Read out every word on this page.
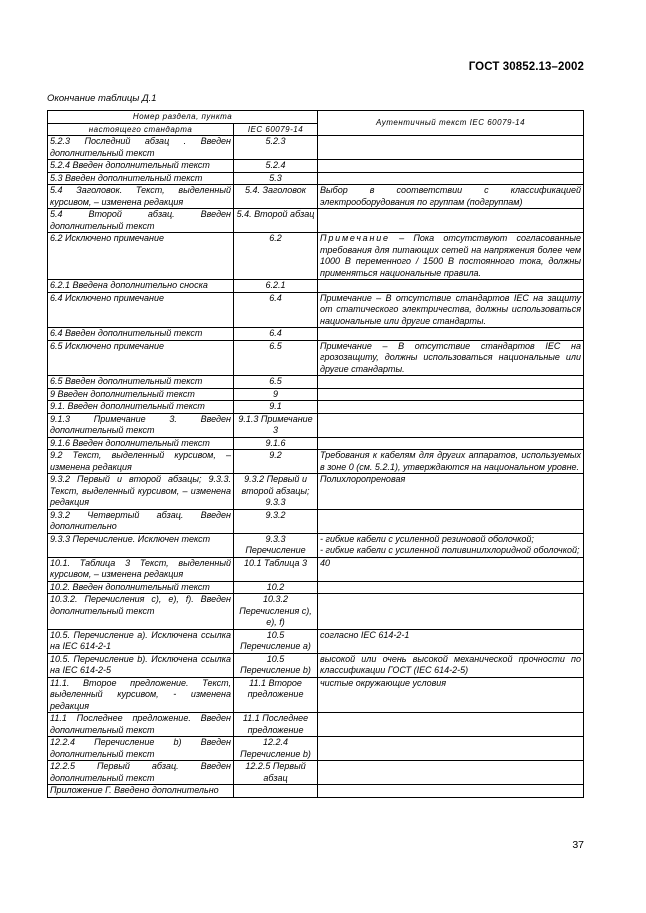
ГОСТ 30852.13–2002
Окончание таблицы Д.1
Номер раздела, пункта		Аутентичный текст IEC 60079-14
настоящего стандарта	IEC 60079-14	
5.2.3 Последний абзац . Введен дополнительный текст	5.2.3	
5.2.4 Введен дополнительный текст	5.2.4	
5.3 Введен дополнительный текст	5.3	
5.4 Заголовок. Текст, выделенный курсивом, – изменена редакция	5.4. Заголовок	Выбор в соответствии с классификацией электрооборудования по группам (подгруппам)
5.4 Второй абзац. Введен дополнительный текст	5.4. Второй абзац	
6.2 Исключено примечание	6.2	Примечание – Пока отсутствуют согласованные требования для питающих сетей на напряжения более чем 1000 В переменного / 1500 В постоянного тока, должны применяться национальные правила.
6.2.1 Введена дополнительно сноска	6.2.1	
6.4 Исключено примечание	6.4	Примечание – В отсутствие стандартов IEC на защиту от статического электричества, должны использоваться национальные или другие стандарты.
6.4 Введен дополнительный текст	6.4	
6.5 Исключено примечание	6.5	Примечание – В отсутствие стандартов IEC на грозозащиту, должны использоваться национальные или другие стандарты.
6.5 Введен дополнительный текст	6.5	
9 Введен дополнительный текст	9	
9.1. Введен дополнительный текст	9.1	
9.1.3 Примечание 3. Введен дополнительный текст	9.1.3 Примечание 3	
9.1.6 Введен дополнительный текст	9.1.6	
9.2 Текст, выделенный курсивом, –изменена редакция	9.2	Требования к кабелям для других аппаратов, используемых в зоне 0 (см. 5.2.1), утверждаются на национальном уровне.
9.3.2 Первый и второй абзацы; 9.3.3. Текст, выделенный курсивом, – изменена редакция	9.3.2 Первый и второй абзацы; 9.3.3	Полихлоропреновая
9.3.2 Четвертый абзац. Введен дополнительно	9.3.2	
9.3.3 Перечисление. Исключен текст	9.3.3 Перечисление	- гибкие кабели с усиленной резиновой оболочкой;
- гибкие кабели с усиленной поливинилхлоридной оболочкой;
10.1. Таблица 3 Текст, выделенный курсивом, – изменена редакция	10.1 Таблица 3	40
10.2. Введен дополнительный текст	10.2	
10.3.2. Перечисления с), е), f). Введен дополнительный текст	10.3.2 Перечисления с), е), f)	
10.5. Перечисление а). Исключена ссылка на IEC 614-2-1	10.5 Перечисление а)	согласно IEC 614-2-1
10.5. Перечисление b). Исключена ссылка на IEC 614-2-5	10.5 Перечисление b)	высокой или очень высокой механической прочности по классификации ГОСТ (IEC 614-2-5)
11.1. Второе предложение. Текст, выделенный курсивом, - изменена редакция	11.1 Второе предложение	чистые окружающие условия
11.1 Последнее предложение. Введен дополнительный текст	11.1 Последнее предложение	
12.2.4 Перечисление b) Введен дополнительный текст	12.2.4 Перечисление b)	
12.2.5 Первый абзац. Введен дополнительный текст	12.2.5 Первый абзац	
Приложение Г. Введено дополнительно		
37
